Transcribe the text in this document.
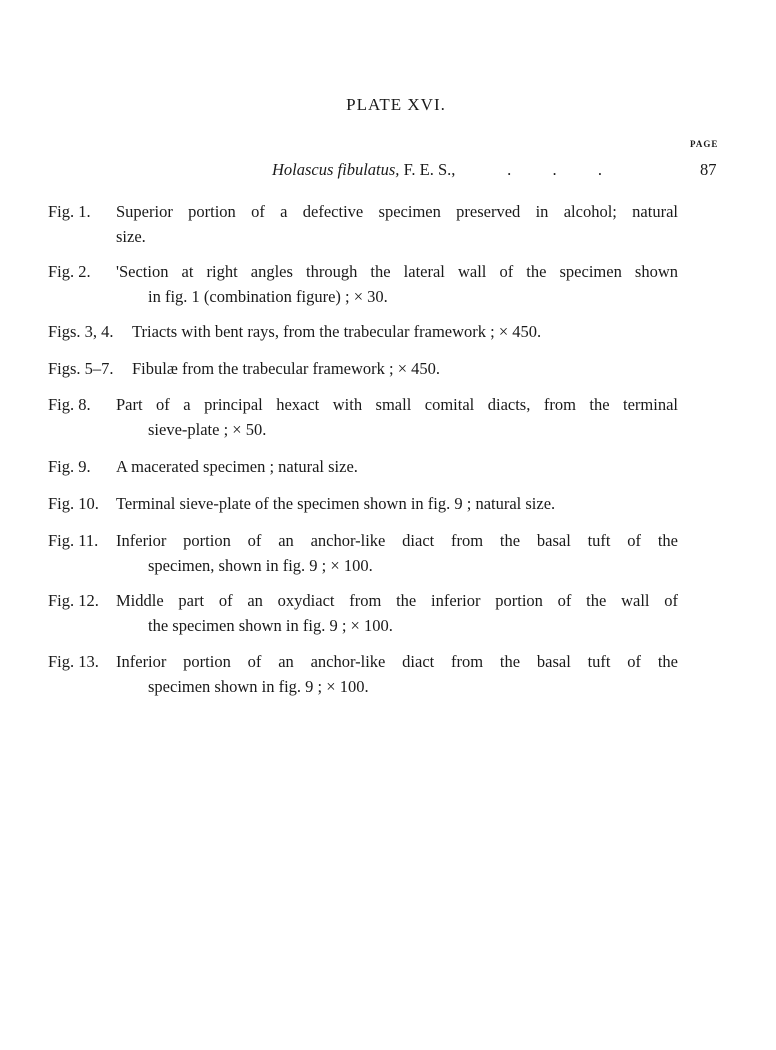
PLATE XVI.
PAGE
Holascus fibulatus, F. E. S.,	.          .          .	87
Fig. 1. Superior portion of a defective specimen preserved in alcohol; natural
size.
Fig. 2. 'Section at right angles through the lateral wall of the specimen shown
in fig. 1 (combination figure) ; × 30.
Figs. 3, 4. Triacts with bent rays, from the trabecular framework ; × 450.
Figs. 5–7. Fibulæ from the trabecular framework ; × 450.
Fig. 8. Part of a principal hexact with small comital diacts, from the terminal
sieve-plate ; × 50.
Fig. 9. A macerated specimen ; natural size.
Fig. 10. Terminal sieve-plate of the specimen shown in fig. 9 ; natural size.
Fig. 11. Inferior portion of an anchor-like diact from the basal tuft of the
specimen, shown in fig. 9 ; × 100.
Fig. 12. Middle part of an oxydiact from the inferior portion of the wall of
the specimen shown in fig. 9 ; × 100.
Fig. 13. Inferior portion of an anchor-like diact from the basal tuft of the
specimen shown in fig. 9 ; × 100.
